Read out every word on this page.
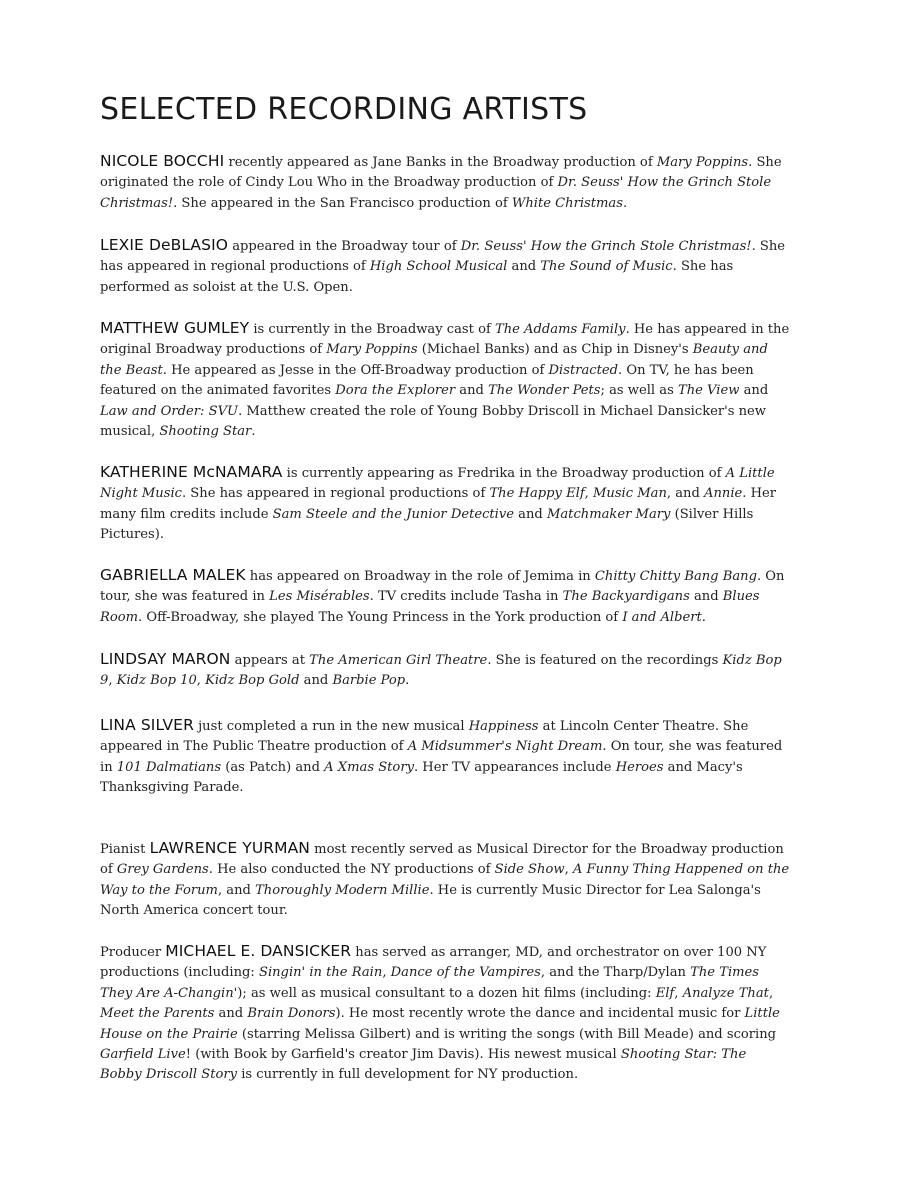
SELECTED RECORDING ARTISTS

NICOLE BOCCHI recently appeared as Jane Banks in the Broadway production of Mary Poppins. She originated the role of Cindy Lou Who in the Broadway production of Dr. Seuss' How the Grinch Stole Christmas!. She appeared in the San Francisco production of White Christmas.

LEXIE DeBLASIO appeared in the Broadway tour of Dr. Seuss' How the Grinch Stole Christmas!. She has appeared in regional productions of High School Musical and The Sound of Music. She has performed as soloist at the U.S. Open.

MATTHEW GUMLEY is currently in the Broadway cast of The Addams Family. He has appeared in the original Broadway productions of Mary Poppins (Michael Banks) and as Chip in Disney's Beauty and the Beast. He appeared as Jesse in the Off-Broadway production of Distracted. On TV, he has been featured on the animated favorites Dora the Explorer and The Wonder Pets; as well as The View and Law and Order: SVU. Matthew created the role of Young Bobby Driscoll in Michael Dansicker's new musical, Shooting Star.

KATHERINE McNAMARA is currently appearing as Fredrika in the Broadway production of A Little Night Music. She has appeared in regional productions of The Happy Elf, Music Man, and Annie. Her many film credits include Sam Steele and the Junior Detective and Matchmaker Mary (Silver Hills Pictures).

GABRIELLA MALEK has appeared on Broadway in the role of Jemima in Chitty Chitty Bang Bang. On tour, she was featured in Les Misérables. TV credits include Tasha in The Backyardigans and Blues Room. Off-Broadway, she played The Young Princess in the York production of I and Albert.

LINDSAY MARON appears at The American Girl Theatre. She is featured on the recordings Kidz Bop 9, Kidz Bop 10, Kidz Bop Gold and Barbie Pop.

LINA SILVER just completed a run in the new musical Happiness at Lincoln Center Theatre. She appeared in The Public Theatre production of A Midsummer's Night Dream. On tour, she was featured in 101 Dalmatians (as Patch) and A Xmas Story. Her TV appearances include Heroes and Macy's Thanksgiving Parade.

Pianist LAWRENCE YURMAN most recently served as Musical Director for the Broadway production of Grey Gardens. He also conducted the NY productions of Side Show, A Funny Thing Happened on the Way to the Forum, and Thoroughly Modern Millie. He is currently Music Director for Lea Salonga's North America concert tour.

Producer MICHAEL E. DANSICKER has served as arranger, MD, and orchestrator on over 100 NY productions (including: Singin' in the Rain, Dance of the Vampires, and the Tharp/Dylan The Times They Are A-Changin'); as well as musical consultant to a dozen hit films (including: Elf, Analyze That, Meet the Parents and Brain Donors). He most recently wrote the dance and incidental music for Little House on the Prairie (starring Melissa Gilbert) and is writing the songs (with Bill Meade) and scoring Garfield Live! (with Book by Garfield's creator Jim Davis). His newest musical Shooting Star: The Bobby Driscoll Story is currently in full development for NY production.
